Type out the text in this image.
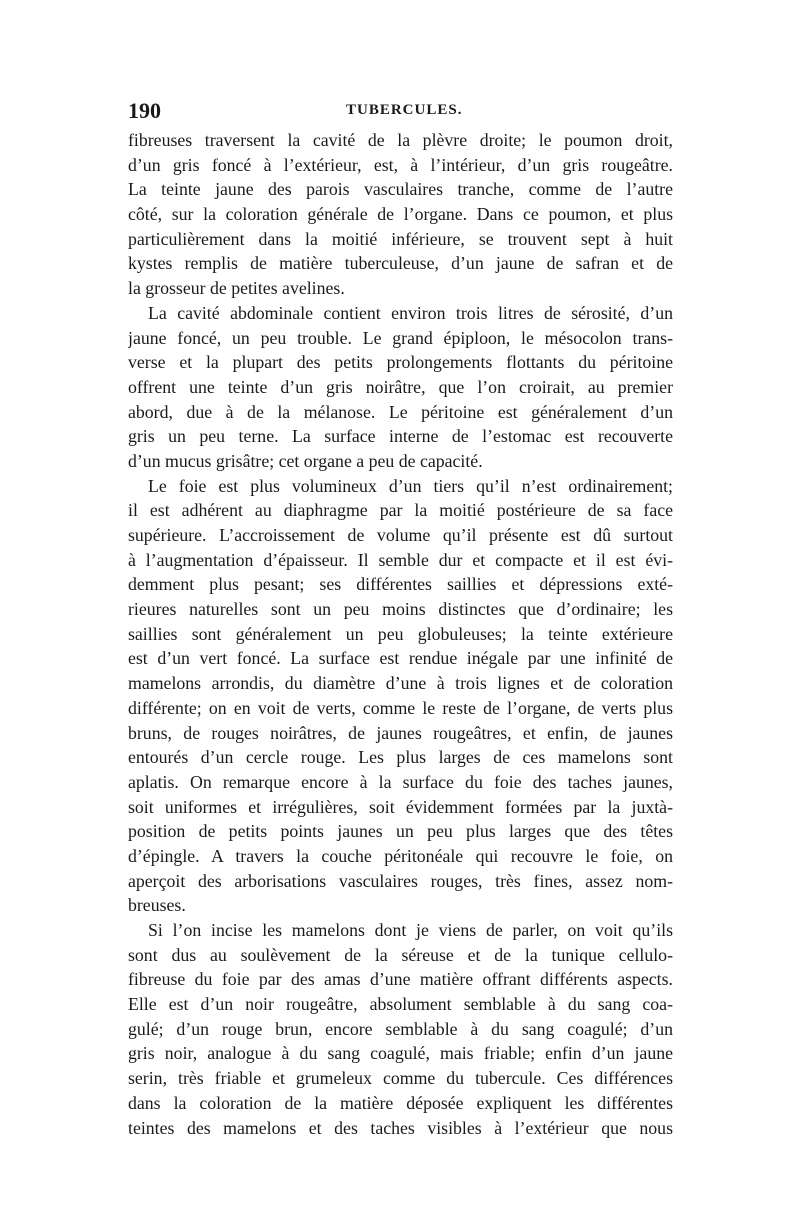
190	TUBERCULES.
fibreuses traversent la cavité de la plèvre droite; le poumon droit,
d’un gris foncé à l’extérieur, est, à l’intérieur, d’un gris rougeâtre.
La teinte jaune des parois vasculaires tranche, comme de l’autre
côté, sur la coloration générale de l’organe. Dans ce poumon, et plus
particulièrement dans la moitié inférieure, se trouvent sept à huit
kystes remplis de matière tuberculeuse, d’un jaune de safran et de
la grosseur de petites avelines.
La cavité abdominale contient environ trois litres de sérosité, d’un
jaune foncé, un peu trouble. Le grand épiploon, le mésocolon trans-
verse et la plupart des petits prolongements flottants du péritoine
offrent une teinte d’un gris noirâtre, que l’on croirait, au premier
abord, due à de la mélanose. Le péritoine est généralement d’un
gris un peu terne. La surface interne de l’estomac est recouverte
d’un mucus grisâtre; cet organe a peu de capacité.
Le foie est plus volumineux d’un tiers qu’il n’est ordinairement;
il est adhérent au diaphragme par la moitié postérieure de sa face
supérieure. L’accroissement de volume qu’il présente est dû surtout
à l’augmentation d’épaisseur. Il semble dur et compacte et il est évi-
demment plus pesant; ses différentes saillies et dépressions exté-
rieures naturelles sont un peu moins distinctes que d’ordinaire; les
saillies sont généralement un peu globuleuses; la teinte extérieure
est d’un vert foncé. La surface est rendue inégale par une infinité de
mamelons arrondis, du diamètre d’une à trois lignes et de coloration
différente; on en voit de verts, comme le reste de l’organe, de verts plus
bruns, de rouges noirâtres, de jaunes rougeâtres, et enfin, de jaunes
entourés d’un cercle rouge. Les plus larges de ces mamelons sont
aplatis. On remarque encore à la surface du foie des taches jaunes,
soit uniformes et irrégulières, soit évidemment formées par la juxtà-
position de petits points jaunes un peu plus larges que des têtes
d’épingle. A travers la couche péritonéale qui recouvre le foie, on
aperçoit des arborisations vasculaires rouges, très fines, assez nom-
breuses.
Si l’on incise les mamelons dont je viens de parler, on voit qu’ils
sont dus au soulèvement de la séreuse et de la tunique cellulo-
fibreuse du foie par des amas d’une matière offrant différents aspects.
Elle est d’un noir rougeâtre, absolument semblable à du sang coa-
gulé; d’un rouge brun, encore semblable à du sang coagulé; d’un
gris noir, analogue à du sang coagulé, mais friable; enfin d’un jaune
serin, très friable et grumeleux comme du tubercule. Ces différences
dans la coloration de la matière déposée expliquent les différentes
teintes des mamelons et des taches visibles à l’extérieur que nous
